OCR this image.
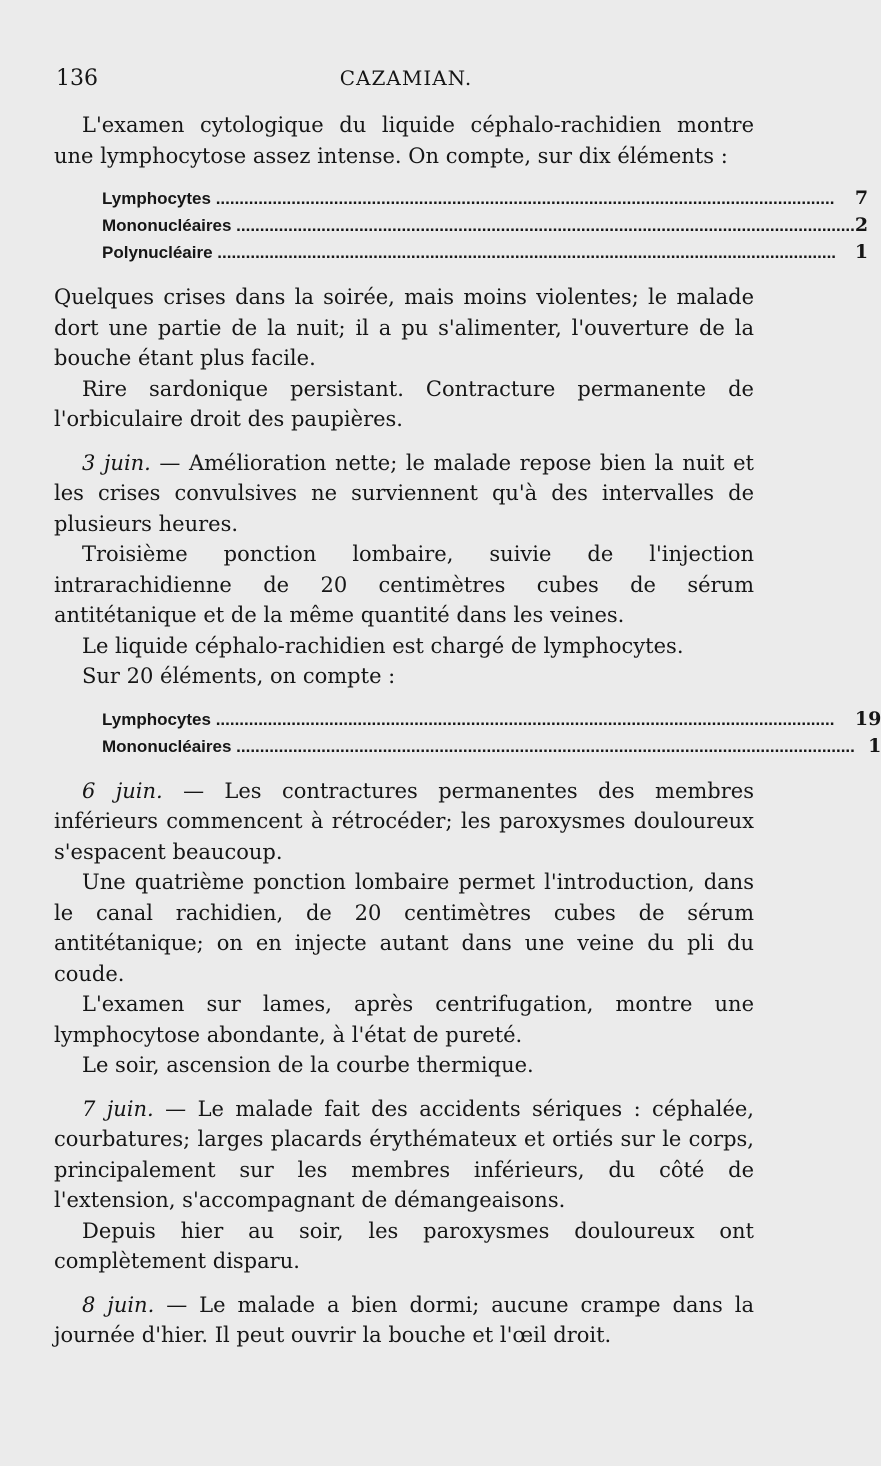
136	CAZAMIAN.

L'examen cytologique du liquide céphalo-rachidien montre une lymphocytose assez intense. On compte, sur dix éléments :

Lymphocytes .....	7
Mononucléaires .....	2
Polynucléaire .....	1

Quelques crises dans la soirée, mais moins violentes; le malade dort une partie de la nuit; il a pu s'alimenter, l'ouverture de la bouche étant plus facile.

Rire sardonique persistant. Contracture permanente de l'orbiculaire droit des paupières.

3 juin. — Amélioration nette; le malade repose bien la nuit et les crises convulsives ne surviennent qu'à des intervalles de plusieurs heures.

Troisième ponction lombaire, suivie de l'injection intrarachidienne de 20 centimètres cubes de sérum antitétanique et de la même quantité dans les veines.

Le liquide céphalo-rachidien est chargé de lymphocytes.

Sur 20 éléments, on compte :

Lymphocytes .....	19
Mononucléaires .....	1

6 juin. — Les contractures permanentes des membres inférieurs commencent à rétrocéder; les paroxysmes douloureux s'espacent beaucoup.

Une quatrième ponction lombaire permet l'introduction, dans le canal rachidien, de 20 centimètres cubes de sérum antitétanique; on en injecte autant dans une veine du pli du coude.

L'examen sur lames, après centrifugation, montre une lymphocytose abondante, à l'état de pureté.

Le soir, ascension de la courbe thermique.

7 juin. — Le malade fait des accidents sériques : céphalée, courbatures; larges placards érythémateux et ortiés sur le corps, principalement sur les membres inférieurs, du côté de l'extension, s'accompagnant de démangeaisons.

Depuis hier au soir, les paroxysmes douloureux ont complètement disparu.

8 juin. — Le malade a bien dormi; aucune crampe dans la journée d'hier. Il peut ouvrir la bouche et l'œil droit.
